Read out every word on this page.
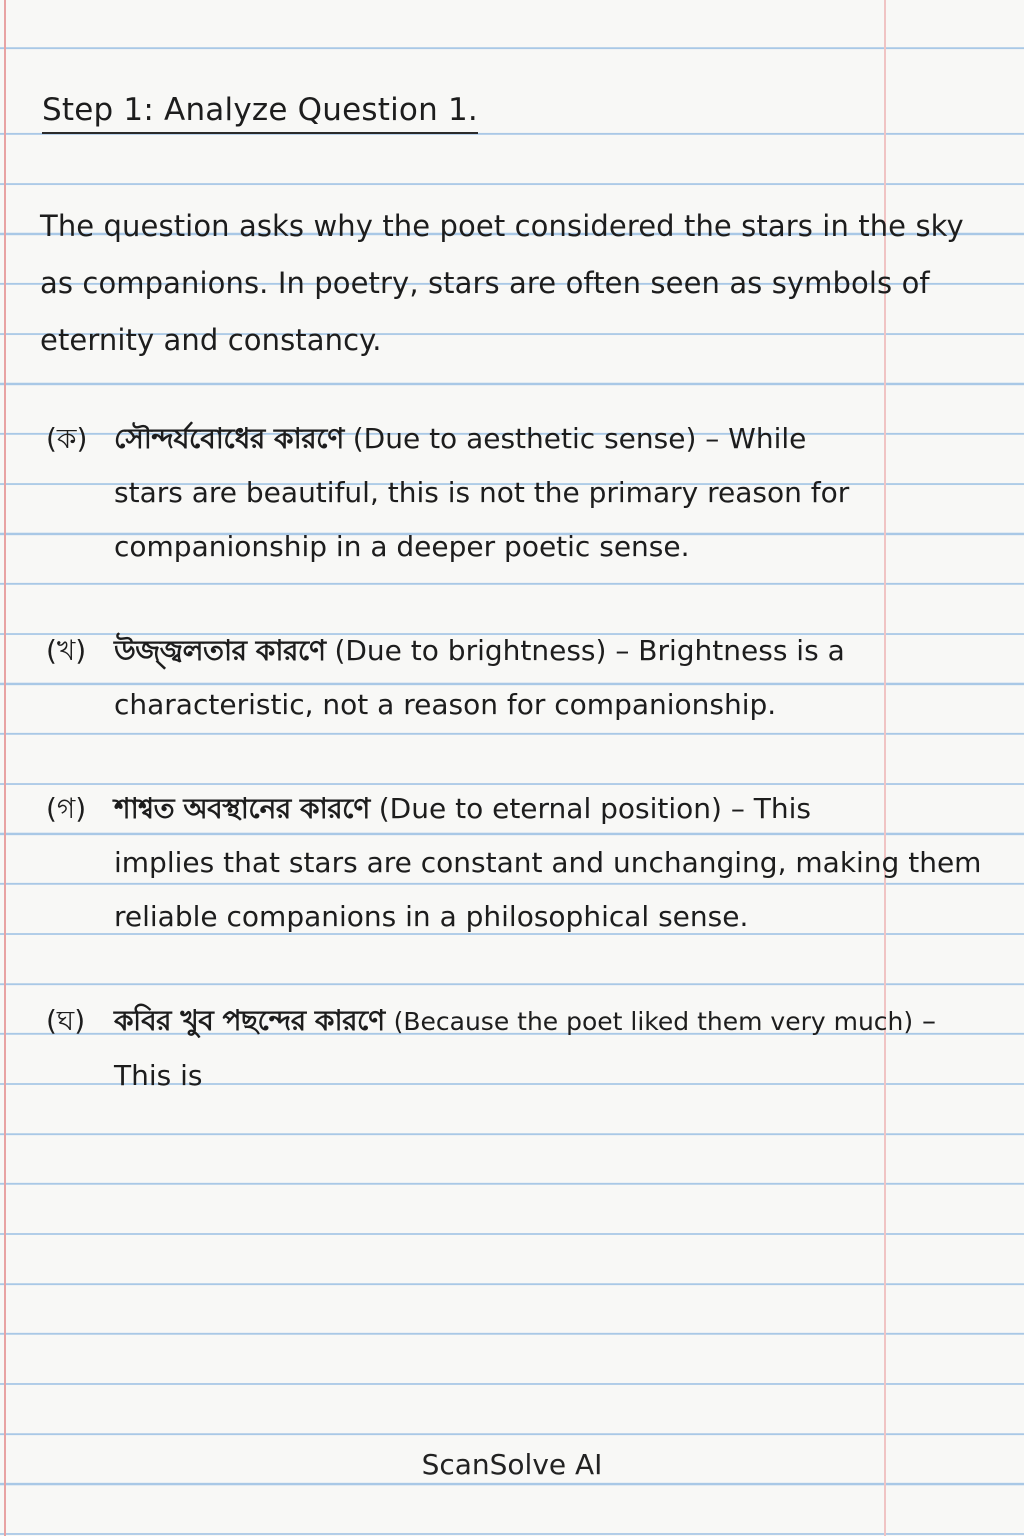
Step 1: Analyze Question 1.
The question asks why the poet considered the stars in the sky as companions. In poetry, stars are often seen as symbols of eternity and constancy.
(ক) সৌন্দর্যবোধের কারণে (Due to aesthetic sense) – While
stars are beautiful, this is not the primary reason for companionship in a deeper poetic sense.
(খ) উজ্জ্বলতার কারণে (Due to brightness) – Brightness is a
characteristic, not a reason for companionship.
(গ) শাশ্বত অবস্থানের কারণে (Due to eternal position) – This
implies that stars are constant and unchanging, making them reliable companions in a philosophical sense.
(ঘ) কবির খুব পছন্দের কারণে (Because the poet liked them very much) –
This is
ScanSolve AI
